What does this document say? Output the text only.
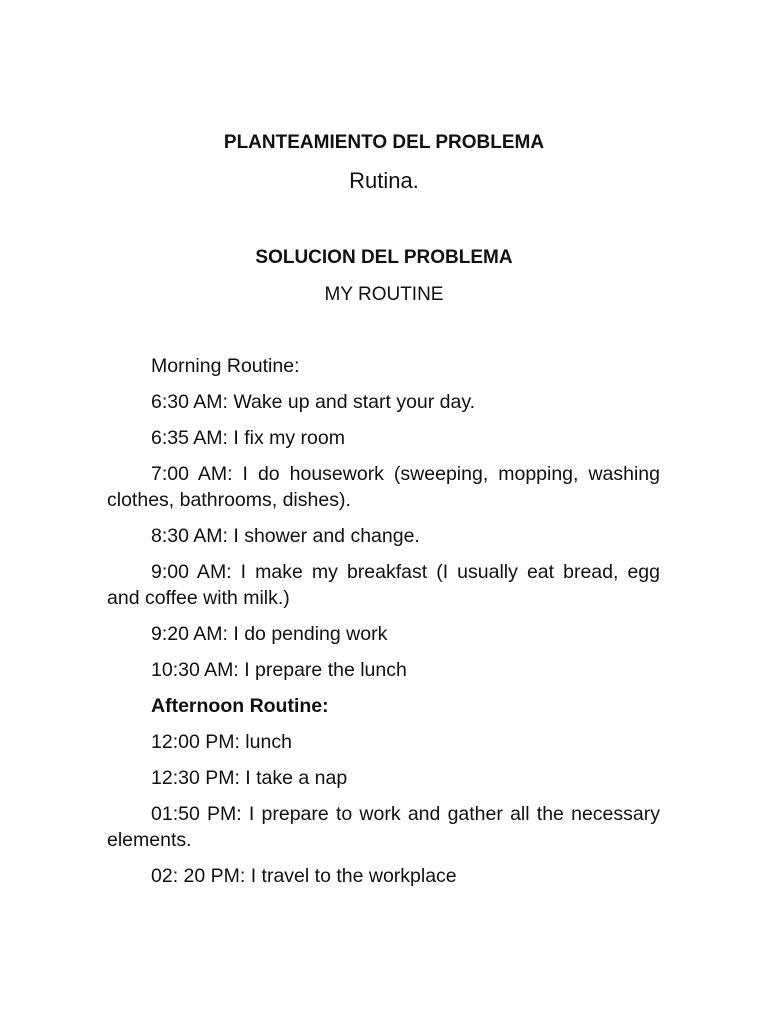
PLANTEAMIENTO DEL PROBLEMA

Rutina.

SOLUCION DEL PROBLEMA

MY ROUTINE

Morning Routine:

6:30 AM: Wake up and start your day.

6:35 AM: I fix my room

7:00 AM: I do housework (sweeping, mopping, washing clothes, bathrooms, dishes).

8:30 AM: I shower and change.

9:00 AM: I make my breakfast (I usually eat bread, egg and coffee with milk.)

9:20 AM: I do pending work

10:30 AM: I prepare the lunch

Afternoon Routine:

12:00 PM: lunch

12:30 PM: I take a nap

01:50 PM: I prepare to work and gather all the necessary elements.

02: 20 PM: I travel to the workplace
